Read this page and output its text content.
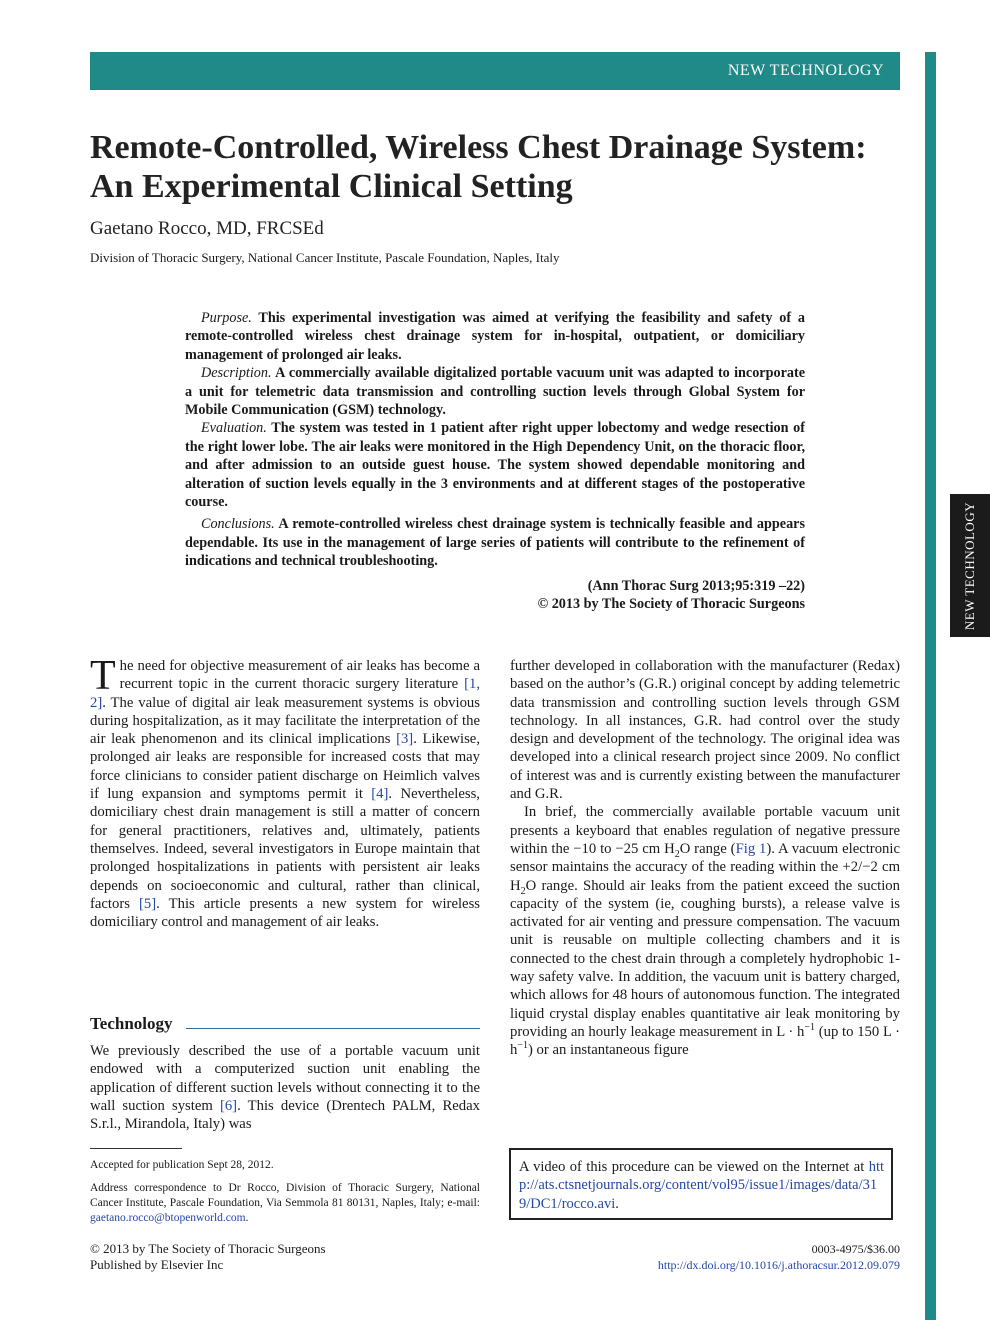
NEW TECHNOLOGY
NEW TECHNOLOGY
Remote-Controlled, Wireless Chest Drainage System: An Experimental Clinical Setting
Gaetano Rocco, MD, FRCSEd
Division of Thoracic Surgery, National Cancer Institute, Pascale Foundation, Naples, Italy

Purpose. This experimental investigation was aimed at verifying the feasibility and safety of a remote-controlled wireless chest drainage system for in-hospital, outpatient, or domiciliary management of prolonged air leaks.

Description. A commercially available digitalized portable vacuum unit was adapted to incorporate a unit for telemetric data transmission and controlling suction levels through Global System for Mobile Communication (GSM) technology.

Evaluation. The system was tested in 1 patient after right upper lobectomy and wedge resection of the right lower lobe. The air leaks were monitored in the High Dependency Unit, on the thoracic floor, and after admission to an outside guest house. The system showed dependable monitoring and alteration of suction levels equally in the 3 environments and at different stages of the postoperative course.

Conclusions. A remote-controlled wireless chest drainage system is technically feasible and appears dependable. Its use in the management of large series of patients will contribute to the refinement of indications and technical troubleshooting.

(Ann Thorac Surg 2013;95:319 –22)
© 2013 by The Society of Thoracic Surgeons

The need for objective measurement of air leaks has become a recurrent topic in the current thoracic surgery literature [1, 2]. The value of digital air leak measurement systems is obvious during hospitalization, as it may facilitate the interpretation of the air leak phenomenon and its clinical implications [3]. Likewise, prolonged air leaks are responsible for increased costs that may force clinicians to consider patient discharge on Heimlich valves if lung expansion and symptoms permit it [4]. Nevertheless, domiciliary chest drain management is still a matter of concern for general practitioners, relatives and, ultimately, patients themselves. Indeed, several investigators in Europe maintain that prolonged hospitalizations in patients with persistent air leaks depends on socioeconomic and cultural, rather than clinical, factors [5]. This article presents a new system for wireless domiciliary control and management of air leaks.

Technology

We previously described the use of a portable vacuum unit endowed with a computerized suction unit enabling the application of different suction levels without connecting it to the wall suction system [6]. This device (Drentech PALM, Redax S.r.l., Mirandola, Italy) was

further developed in collaboration with the manufacturer (Redax) based on the author’s (G.R.) original concept by adding telemetric data transmission and controlling suction levels through GSM technology. In all instances, G.R. had control over the study design and development of the technology. The original idea was developed into a clinical research project since 2009. No conflict of interest was and is currently existing between the manufacturer and G.R.

In brief, the commercially available portable vacuum unit presents a keyboard that enables regulation of negative pressure within the −10 to −25 cm $H_2O$ range (Fig 1). A vacuum electronic sensor maintains the accuracy of the reading within the +2/−2 cm $H_2O$ range. Should air leaks from the patient exceed the suction capacity of the system (ie, coughing bursts), a release valve is activated for air venting and pressure compensation. The vacuum unit is reusable on multiple collecting chambers and it is connected to the chest drain through a completely hydrophobic 1-way safety valve. In addition, the vacuum unit is battery charged, which allows for 48 hours of autonomous function. The integrated liquid crystal display enables quantitative air leak monitoring by providing an hourly leakage measurement in $L \cdot h^{-1}$ (up to 150 $L \cdot h^{-1}$) or an instantaneous figure

Accepted for publication Sept 28, 2012.
Address correspondence to Dr Rocco, Division of Thoracic Surgery, National Cancer Institute, Pascale Foundation, Via Semmola 81 80131, Naples, Italy; e-mail: gaetano.rocco@btopenworld.com.
A video of this procedure can be viewed on the Internet at http://ats.ctsnetjournals.org/content/vol95/issue1/images/data/319/DC1/rocco.avi.
© 2013 by The Society of Thoracic Surgeons
Published by Elsevier Inc
0003-4975/$36.00
http://dx.doi.org/10.1016/j.athoracsur.2012.09.079
